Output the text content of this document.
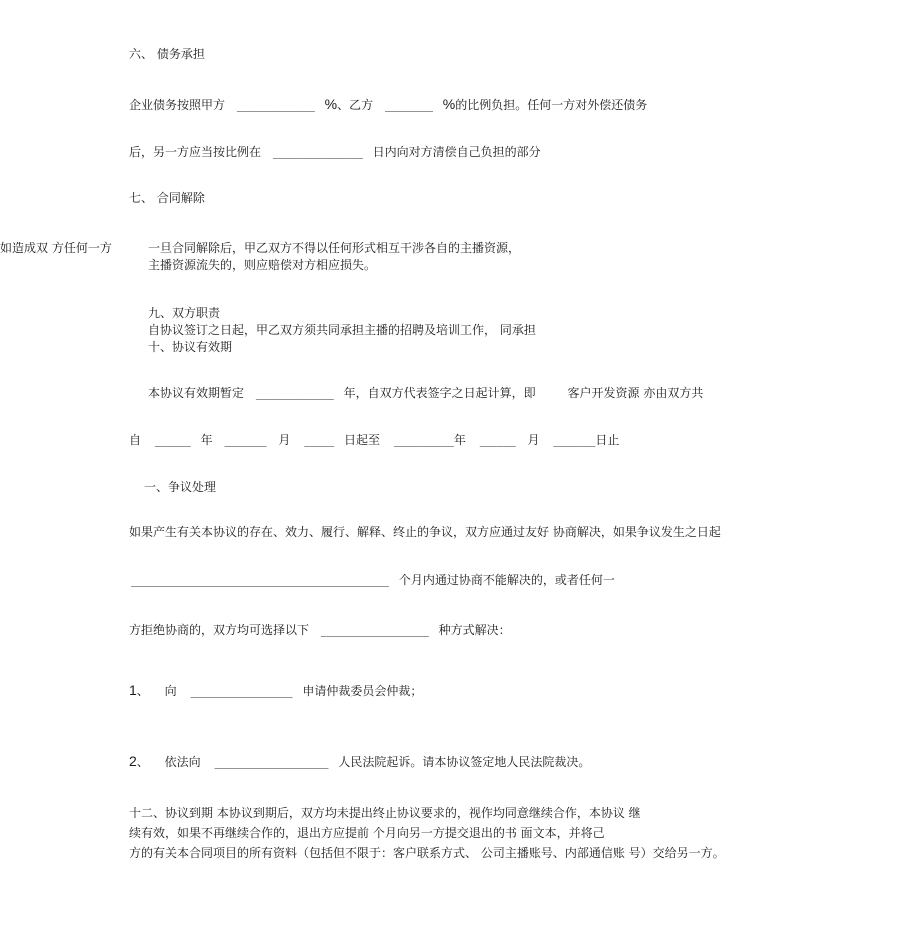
六、 债务承担
企业债务按照甲方 _____________ %、乙方 ________ %的比例负担。任何一方对外偿还债务
后，另一方应当按比例在 _______________ 日内向对方清偿自己负担的部分
七、 合同解除
如造成双 方任何一方	一旦合同解除后，甲乙双方不得以任何形式相互干涉各自的主播资源，
主播资源流失的，则应赔偿对方相应损失。
九、双方职责
自协议签订之日起，甲乙双方须共同承担主播的招聘及培训工作， 同承担
十、协议有效期
本协议有效期暂定 _____________ 年，自双方代表签字之日起计算，即	客户开发资源 亦由双方共
自 ______ 年 _______ 月 _____ 日起至 __________年 ______ 月 _______日止
一、争议处理
如果产生有关本协议的存在、效力、履行、解释、终止的争议，双方应通过友好 协商解决，如果争议发生之日起
___________________________________________ 个月内通过协商不能解决的，或者任何一
方拒绝协商的，双方均可选择以下 __________________ 种方式解决：
1、 向 _________________ 申请仲裁委员会仲裁；
2、 依法向 ___________________ 人民法院起诉。请本协议签定地人民法院裁决。
十二、协议到期 本协议到期后，双方均未提出终止协议要求的，视作均同意继续合作，本协议 继
续有效，如果不再继续合作的，退出方应提前 个月向另一方提交退出的书 面文本，并将己
方的有关本合同项目的所有资料（包括但不限于：客户联系方式、 公司主播账号、内部通信账 号）交给另一方。
